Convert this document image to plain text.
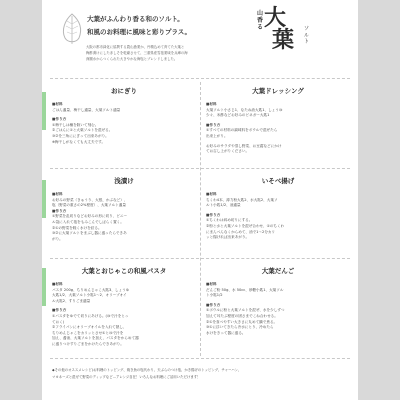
大葉がふんわり香る和のソルト。
和風のお料理に風味と彩りプラス。
大阪の都市緑化に協賛する農山漁業か、丹精込めて育てた大葉と
梅酢漬けにした赤しそを乾燥させて、三重県産雪塩業域を兵庫の海
深層水からつくられた大きやかな海塩とブレンドしました。
山香る 大
葉 ソルト
おにぎり

■材料

ごはん適量、梅干し適量、大葉ソルト適量

■作り方

①梅干しは種を除いて刻む。

②ごはんに①と大葉ソルトを混ぜる。

③②を三角ににぎって出来あがり。

※梅干しがなくても大丈夫です。

大葉ドレッシング

■材料

大葉ソルト小さじ1、なたね油大匙1、しょうゆ

少々、米酢などお好みのビネガー大匙1

■作り方

①すべての材料の調味料をボウルで混ぜたら

出来上がり。

お好みのサラダや蒸し野菜、お豆腐などにかけ

てお召し上がりください。

浅漬け

■材料

お好みの野菜（きゅうり、大根、かぶなど）、

塩（野菜の重さの2%程度）、大葉ソルト適量

■作り方

①野菜を乱切りなどお好みの形に切り、ビニー

ル袋に入れて塩をもみこんでしばらく置く。

②①の野菜を軽く水けを絞る。

③②に大葉ソルトをまぶし器に盛ったらできあ

がり。

いそべ揚げ

■材料

ちくわ4本、薄力粉大匙2、水大匙2、大葉ソ

ルト小匙1/2、油適量

■作り方

①ちくわは斜め切りにする。

②粉と水と大葉ソルトを混ぜ合わせ、①のちくわ

にまんべんなくからめて、油で1〜2分カリ

ッと揚げれば出来あがり。

大葉とおじゃこの和風パスタ

■材料

パスタ 200g、ちりめんじゃこ大匙3、しょうゆ

大匙1/2、大葉ソルト小匙1〜2、オリーブオイ

ル大匙2、すりごま適量

■作り方

①パスタをゆでて切りにあげる。(ゆで汁をとっ

ておく)

②フライパンにオリーブオイルを入れて熱し、

ちりめんじゃこをカリッとさせ①とゆで汁を

加え、醤油、大葉ソルトを加え、パスタをからめて器

に盛りつけすりごまをかけたらできあがり。

大葉だんご

■材料

だんご粉 50g、水 50cc、砂糖小匙1、大葉ソル

ト小匙1/2

■作り方

①ボウルに粉と大葉ソルトを混ぜ、水を少しずつ

加えて耳たぶ程度の固さまでこね合わせる。

②①を食べやすい大きさに丸めて鍋で煮る。

③①に浮いてきたら冷水にとり、冷めたら

水けをきって器に盛る。

◆その他のオススメレシピ(お料理のトッピング、焼き魚の塩代わり、天ぷらのつけ塩、かき揚げのトッピング、チャーハン、

マヨネーズと混ぜて野菜のディップなど…アレンジ自在！いろんなお料理にご活用いただけます！
